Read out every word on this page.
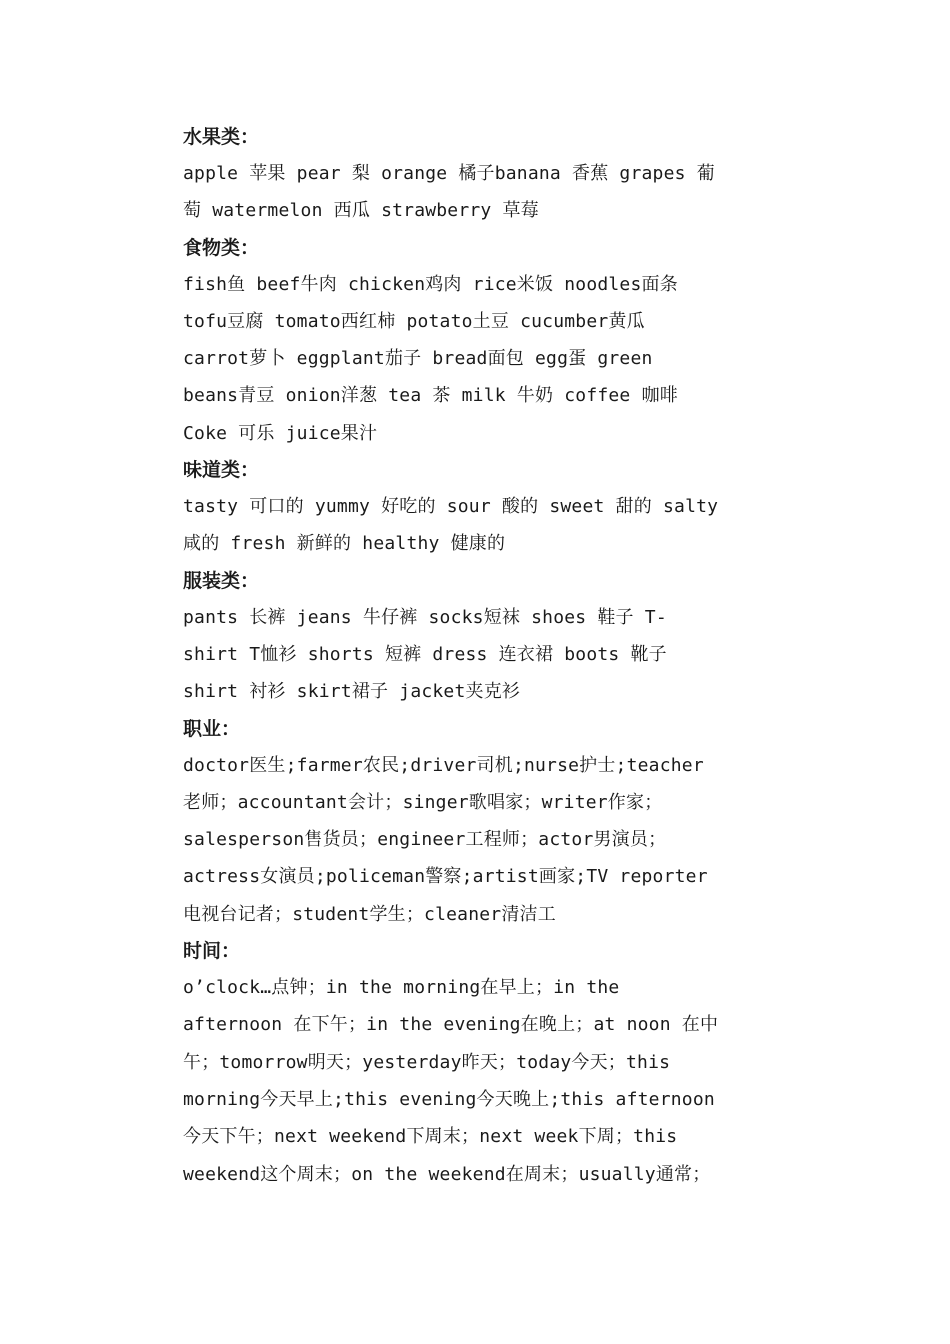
水果类：
apple 苹果 pear 梨 orange 橘子banana 香蕉 grapes 葡
萄 watermelon 西瓜 strawberry 草莓
食物类：
fish鱼 beef牛肉 chicken鸡肉 rice米饭 noodles面条
tofu豆腐 tomato西红柿 potato土豆 cucumber黄瓜
carrot萝卜 eggplant茄子 bread面包 egg蛋 green
beans青豆 onion洋葱 tea 茶 milk 牛奶 coffee 咖啡
Coke 可乐 juice果汁
味道类：
tasty 可口的 yummy 好吃的 sour 酸的 sweet 甜的 salty
咸的 fresh 新鲜的 healthy 健康的
服装类：
pants 长裤 jeans 牛仔裤 socks短袜 shoes 鞋子 T-
shirt T恤衫 shorts 短裤 dress 连衣裙 boots 靴子
shirt 衬衫 skirt裙子 jacket夹克衫
职业：
doctor医生;farmer农民;driver司机;nurse护士;teacher
老师；accountant会计；singer歌唱家；writer作家；
salesperson售货员；engineer工程师；actor男演员；
actress女演员;policeman警察;artist画家;TV reporter
电视台记者；student学生；cleaner清洁工
时间：
o’clock…点钟；in the morning在早上；in the
afternoon 在下午；in the evening在晚上；at noon 在中
午；tomorrow明天；yesterday昨天；today今天；this
morning今天早上;this evening今天晚上;this afternoon
今天下午；next weekend下周末；next week下周；this
weekend这个周末；on the weekend在周末；usually通常；
